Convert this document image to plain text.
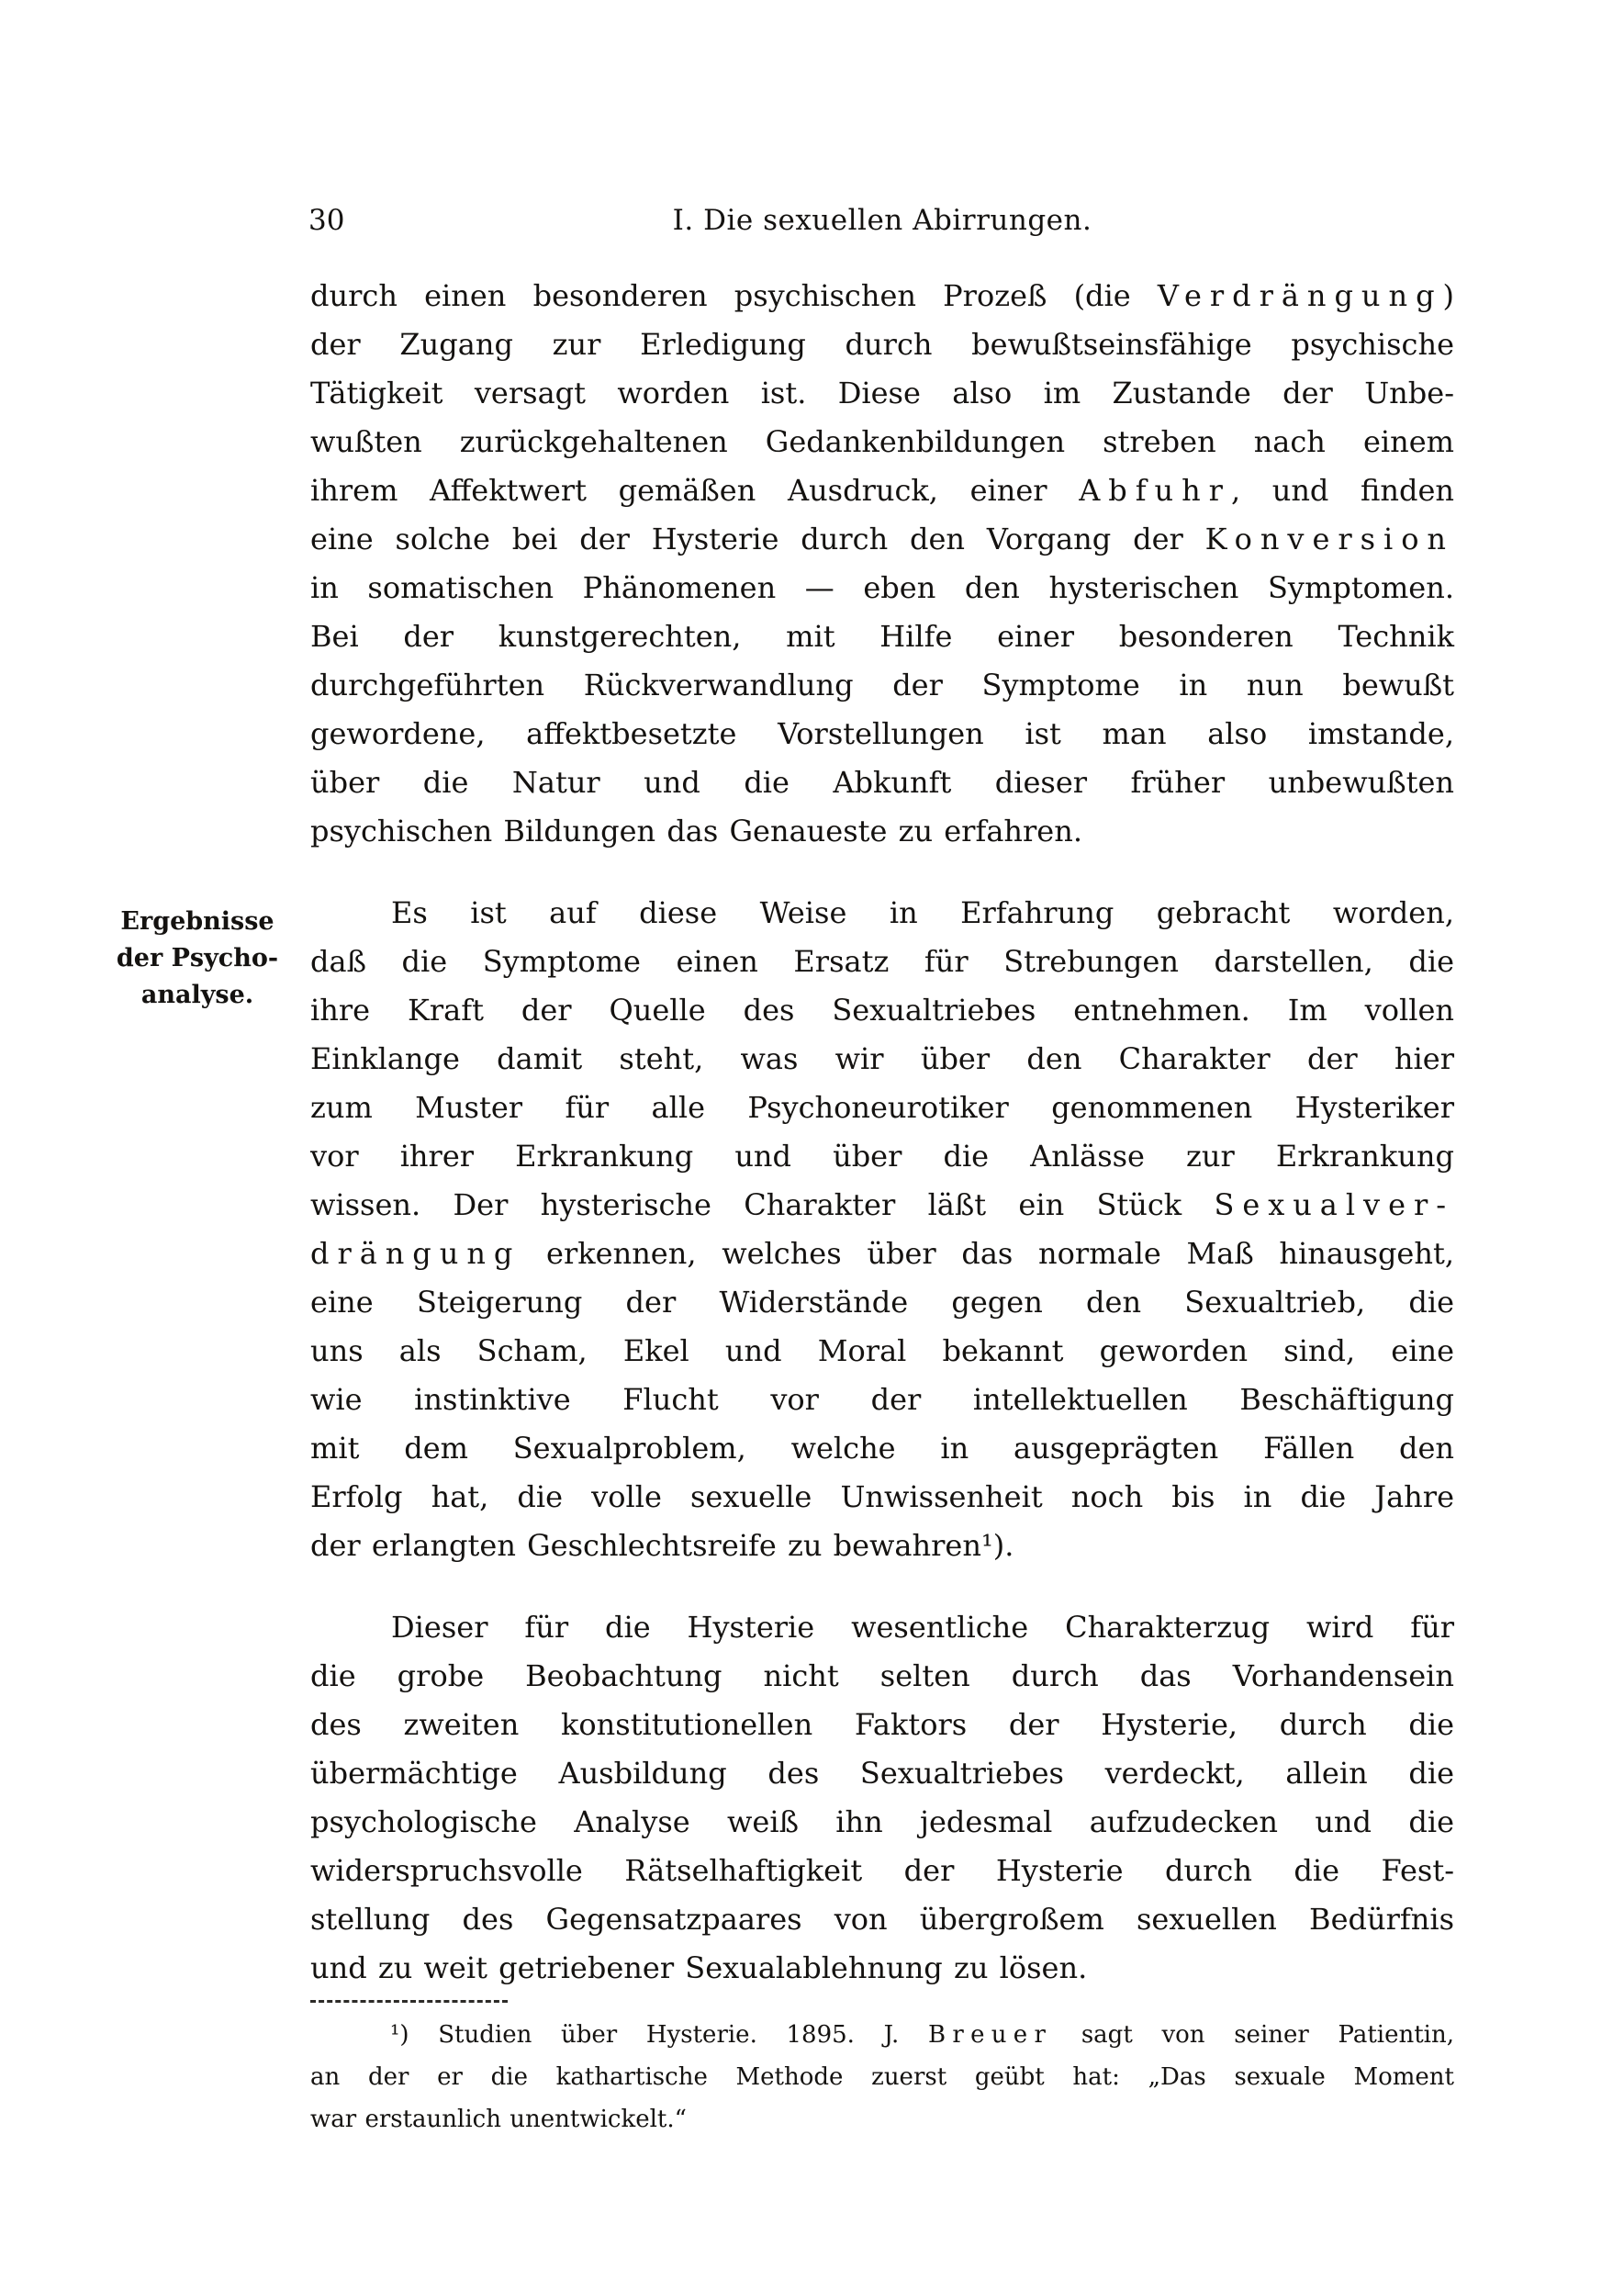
30	I. Die sexuellen Abirrungen.
Ergebnisse
der Psycho-
analyse.
durch einen besonderen psychischen Prozeß (die Verdrängung)
der Zugang zur Erledigung durch bewußtseinsfähige psychische
Tätigkeit versagt worden ist. Diese also im Zustande der Unbe-
wußten zurückgehaltenen Gedankenbildungen streben nach einem
ihrem Affektwert gemäßen Ausdruck, einer Abfuhr, und finden
eine solche bei der Hysterie durch den Vorgang der Konversion
in somatischen Phänomenen — eben den hysterischen Symptomen.
Bei der kunstgerechten, mit Hilfe einer besonderen Technik
durchgeführten Rückverwandlung der Symptome in nun bewußt
gewordene, affektbesetzte Vorstellungen ist man also imstande,
über die Natur und die Abkunft dieser früher unbewußten
psychischen Bildungen das Genaueste zu erfahren.
Es ist auf diese Weise in Erfahrung gebracht worden,
daß die Symptome einen Ersatz für Strebungen darstellen, die
ihre Kraft der Quelle des Sexualtriebes entnehmen. Im vollen
Einklange damit steht, was wir über den Charakter der hier
zum Muster für alle Psychoneurotiker genommenen Hysteriker
vor ihrer Erkrankung und über die Anlässe zur Erkrankung
wissen. Der hysterische Charakter läßt ein Stück Sexualver-
drängung erkennen, welches über das normale Maß hinausgeht,
eine Steigerung der Widerstände gegen den Sexualtrieb, die
uns als Scham, Ekel und Moral bekannt geworden sind, eine
wie instinktive Flucht vor der intellektuellen Beschäftigung
mit dem Sexualproblem, welche in ausgeprägten Fällen den
Erfolg hat, die volle sexuelle Unwissenheit noch bis in die Jahre
der erlangten Geschlechtsreife zu bewahren¹).
Dieser für die Hysterie wesentliche Charakterzug wird für
die grobe Beobachtung nicht selten durch das Vorhandensein
des zweiten konstitutionellen Faktors der Hysterie, durch die
übermächtige Ausbildung des Sexualtriebes verdeckt, allein die
psychologische Analyse weiß ihn jedesmal aufzudecken und die
widerspruchsvolle Rätselhaftigkeit der Hysterie durch die Fest-
stellung des Gegensatzpaares von übergroßem sexuellen Bedürfnis
und zu weit getriebener Sexualablehnung zu lösen.
¹) Studien über Hysterie. 1895. J. Breuer sagt von seiner Patientin,
an der er die kathartische Methode zuerst geübt hat: „Das sexuale Moment
war erstaunlich unentwickelt.“
